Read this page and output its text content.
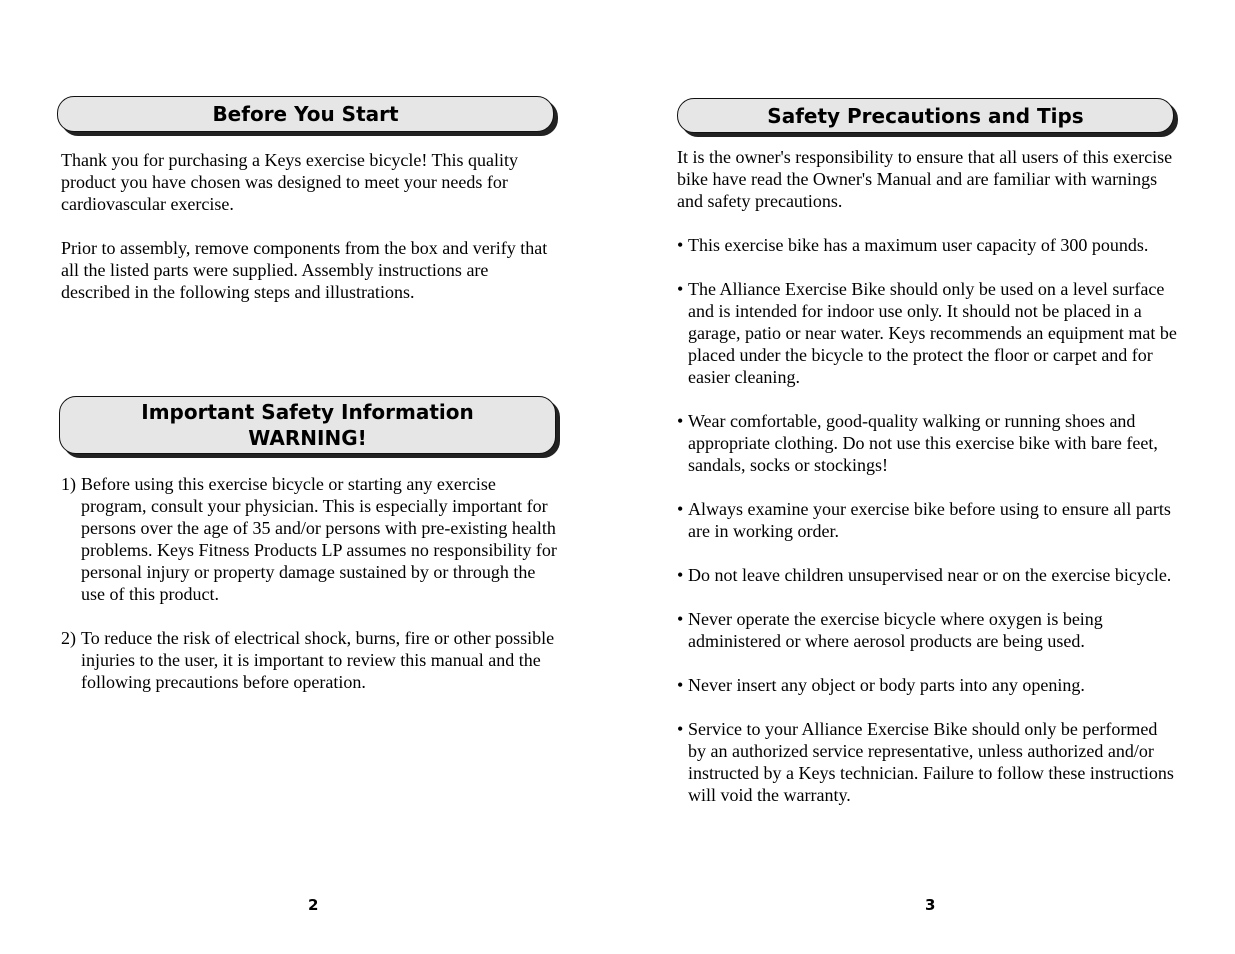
Before You Start

Thank you for purchasing a Keys exercise bicycle! This quality product you have chosen was designed to meet your needs for cardiovascular exercise.

Prior to assembly, remove components from the box and verify that all the listed parts were supplied. Assembly instructions are described in the following steps and illustrations.

Important Safety Information
WARNING!
1) Before using this exercise bicycle or starting any exercise program, consult your physician. This is especially important for persons over the age of 35 and/or persons with pre-existing health problems. Keys Fitness Products LP assumes no responsibility for personal injury or property damage sustained by or through the use of this product.
2) To reduce the risk of electrical shock, burns, fire or other possible injuries to the user, it is important to review this manual and the following precautions before operation.
2
Safety Precautions and Tips

It is the owner's responsibility to ensure that all users of this exercise bike have read the Owner's Manual and are familiar with warnings and safety precautions.

• This exercise bike has a maximum user capacity of 300 pounds.
• The Alliance Exercise Bike should only be used on a level surface and is intended for indoor use only. It should not be placed in a garage, patio or near water. Keys recommends an equipment mat be placed under the bicycle to the protect the floor or carpet and for easier cleaning.
• Wear comfortable, good-quality walking or running shoes and appropriate clothing. Do not use this exercise bike with bare feet, sandals, socks or stockings!
• Always examine your exercise bike before using to ensure all parts are in working order.
• Do not leave children unsupervised near or on the exercise bicycle.
• Never operate the exercise bicycle where oxygen is being administered or where aerosol products are being used.
• Never insert any object or body parts into any opening.
• Service to your Alliance Exercise Bike should only be performed by an authorized service representative, unless authorized and/or instructed by a Keys technician. Failure to follow these instructions will void the warranty.
3
